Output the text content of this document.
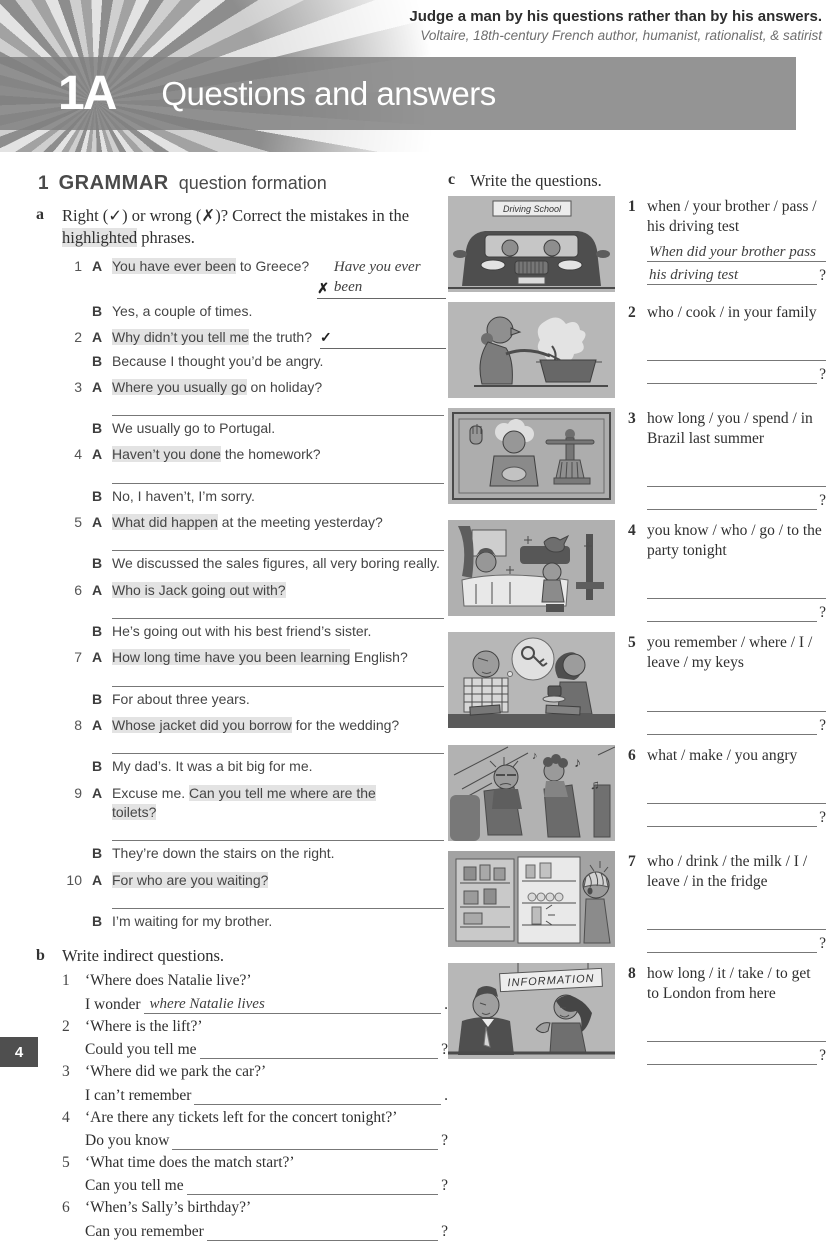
Judge a man by his questions rather than by his answers.
Voltaire, 18th-century French author, humanist, rationalist, & satirist
1A Questions and answers
1 GRAMMAR question formation
a	Right (✓) or wrong (✗)? Correct the mistakes in the highlighted phrases.
1 A You have ever been to Greece?
✗
Have you ever been
B Yes, a couple of times.
2 A Why didn’t you tell me the truth? ✓
B Because I thought you’d be angry.
3 A Where you usually go on holiday?
B We usually go to Portugal.
4 A Haven’t you done the homework?
B No, I haven’t, I’m sorry.
5 A What did happen at the meeting yesterday?
B We discussed the sales figures, all very boring really.
6 A Who is Jack going out with?
B He’s going out with his best friend’s sister.
7 A How long time have you been learning English?
B For about three years.
8 A Whose jacket did you borrow for the wedding?
B My dad’s. It was a bit big for me.
9 A Excuse me. Can you tell me where are the toilets?
B They’re down the stairs on the right.
10 A For who are you waiting?
B I’m waiting for my brother.
b	Write indirect questions.
1 ‘Where does Natalie live?’
I wonder where Natalie lives	.
2 ‘Where is the lift?’
Could you tell me	?
3 ‘Where did we park the car?’
I can’t remember	.
4 ‘Are there any tickets left for the concert tonight?’
Do you know	?
5 ‘What time does the match start?’
Can you tell me	?
6 ‘When’s Sally’s birthday?’
Can you remember	?
c Write the questions.
Driving School	1 when / your brother / pass / his driving test
When did your brother pass
his driving test	?
2 who / cook / in your family
?
3 how long / you / spend / in Brazil last summer
?
4 you know / who / go / to the party tonight
?
5 you remember / where / I / leave / my keys
?
♪
♫
♪	6 what / make / you angry
?
7 who / drink / the milk / I / leave / in the fridge
?
INFORMATION 8 how long / it / take / to get to London from here
?
4
